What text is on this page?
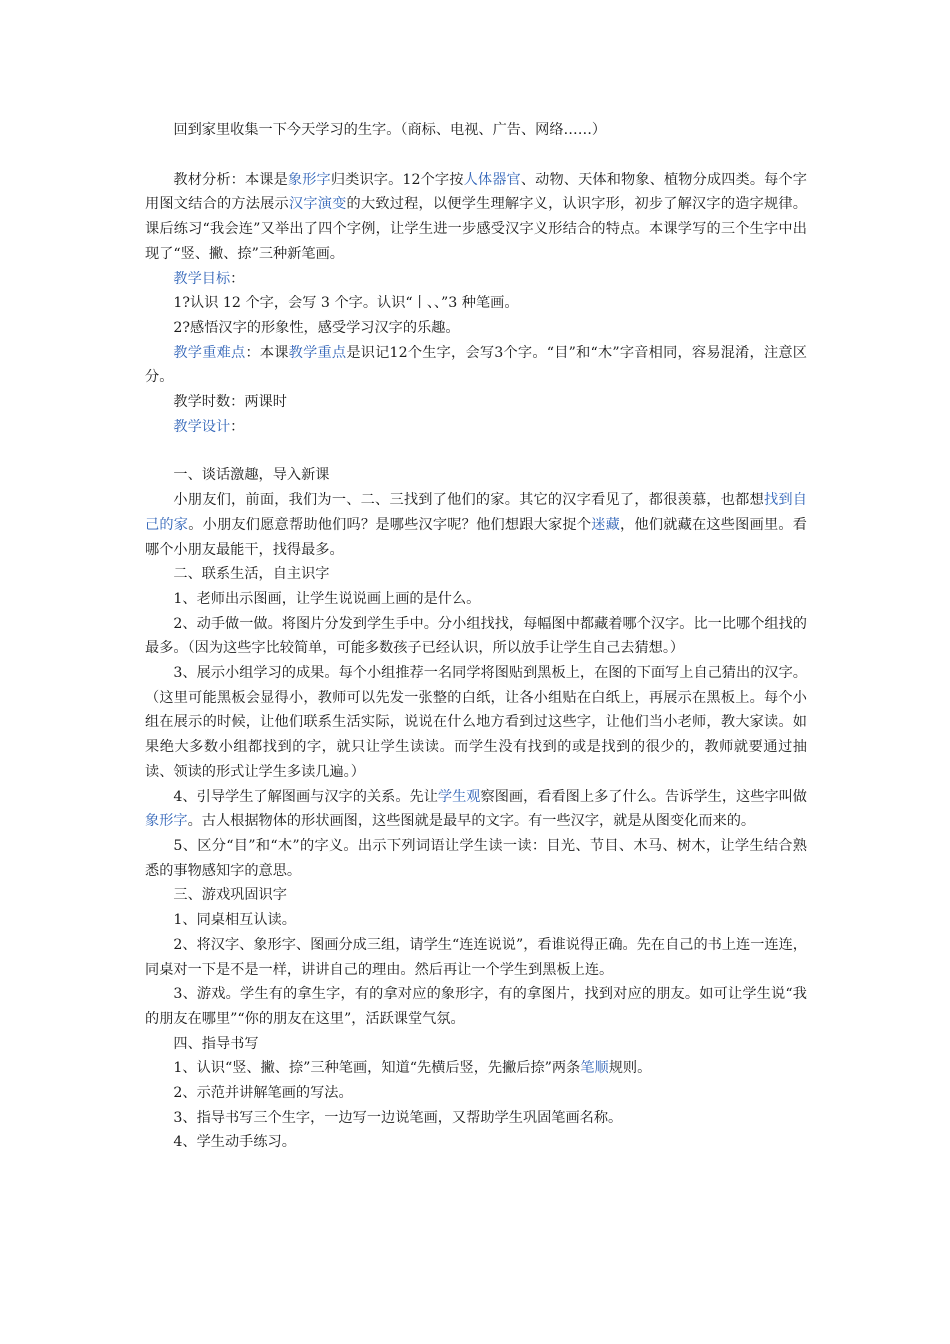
回到家里收集一下今天学习的生字。（商标、电视、广告、网络……）

教材分析：本课是象形字归类识字。12个字按人体器官、动物、天体和物象、植物分成四类。每个字用图文结合的方法展示汉字演变的大致过程，以便学生理解字义，认识字形，初步了解汉字的造字规律。课后练习“我会连”又举出了四个字例，让学生进一步感受汉字义形结合的特点。本课学写的三个生字中出现了“竖、撇、捺”三种新笔画。

教学目标：

1?认识 12 个字，会写 3 个字。认识“丨、、”3 种笔画。

2?感悟汉字的形象性，感受学习汉字的乐趣。

教学重难点：本课教学重点是识记12个生字，会写3个字。“目”和“木”字音相同，容易混淆，注意区分。

教学时数：两课时

教学设计：

一、谈话激趣，导入新课

小朋友们，前面，我们为一、二、三找到了他们的家。其它的汉字看见了，都很羡慕，也都想找到自己的家。小朋友们愿意帮助他们吗？是哪些汉字呢？他们想跟大家捉个迷藏，他们就藏在这些图画里。看哪个小朋友最能干，找得最多。

二、联系生活，自主识字

1、老师出示图画，让学生说说画上画的是什么。

2、动手做一做。将图片分发到学生手中。分小组找找，每幅图中都藏着哪个汉字。比一比哪个组找的最多。（因为这些字比较简单，可能多数孩子已经认识，所以放手让学生自己去猜想。）

3、展示小组学习的成果。每个小组推荐一名同学将图贴到黑板上，在图的下面写上自己猜出的汉字。（这里可能黑板会显得小，教师可以先发一张整的白纸，让各小组贴在白纸上，再展示在黑板上。每个小组在展示的时候，让他们联系生活实际，说说在什么地方看到过这些字，让他们当小老师，教大家读。如果绝大多数小组都找到的字，就只让学生读读。而学生没有找到的或是找到的很少的，教师就要通过抽读、领读的形式让学生多读几遍。）

4、引导学生了解图画与汉字的关系。先让学生观察图画，看看图上多了什么。告诉学生，这些字叫做象形字。古人根据物体的形状画图，这些图就是最早的文字。有一些汉字，就是从图变化而来的。

5、区分“目”和“木”的字义。出示下列词语让学生读一读：目光、节目、木马、树木，让学生结合熟悉的事物感知字的意思。

三、游戏巩固识字

1、同桌相互认读。

2、将汉字、象形字、图画分成三组，请学生“连连说说”，看谁说得正确。先在自己的书上连一连连，同桌对一下是不是一样，讲讲自己的理由。然后再让一个学生到黑板上连。

3、游戏。学生有的拿生字，有的拿对应的象形字，有的拿图片，找到对应的朋友。如可让学生说“我的朋友在哪里”“你的朋友在这里”，活跃课堂气氛。

四、指导书写

1、认识“竖、撇、捺”三种笔画，知道“先横后竖，先撇后捺”两条笔顺规则。

2、示范并讲解笔画的写法。

3、指导书写三个生字，一边写一边说笔画，又帮助学生巩固笔画名称。

4、学生动手练习。
